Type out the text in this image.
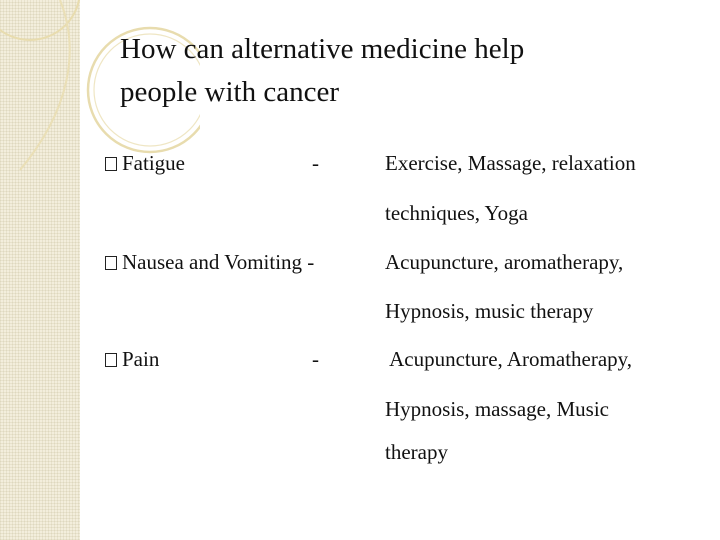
How can alternative medicine help
people with cancer
Fatigue	-	Exercise, Massage, relaxation
techniques, Yoga
Nausea and Vomiting -	Acupuncture, aromatherapy,
Hypnosis, music therapy
Pain	-	Acupuncture, Aromatherapy,
Hypnosis, massage, Music
therapy
